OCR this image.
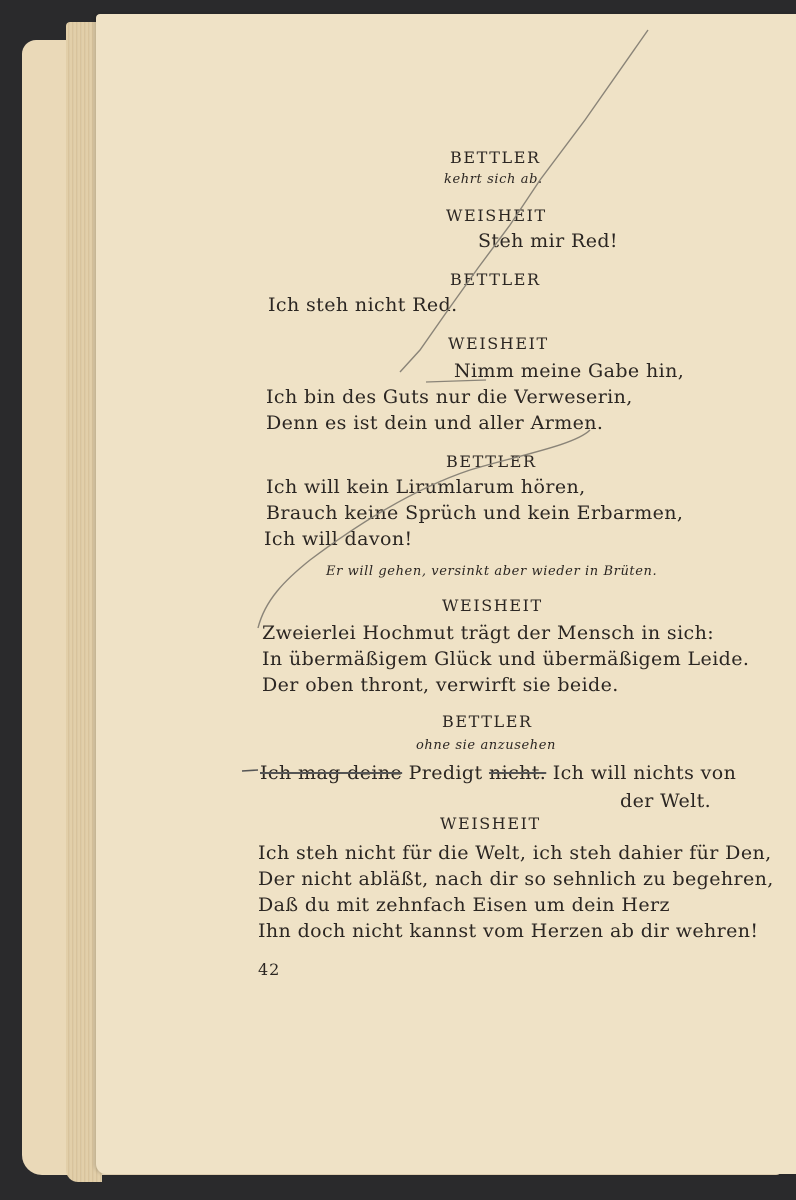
BETTLER
kehrt sich ab.
WEISHEIT
Steh mir Red!
BETTLER
Ich steh nicht Red.
WEISHEIT
Nimm meine Gabe hin,
Ich bin des Guts nur die Verweserin,
Denn es ist dein und aller Armen.
BETTLER
Ich will kein Lirumlarum hören,
Brauch keine Sprüch und kein Erbarmen,
Ich will davon!
Er will gehen, versinkt aber wieder in Brüten.
WEISHEIT
Zweierlei Hochmut trägt der Mensch in sich:
In übermäßigem Glück und übermäßigem Leide.
Der oben thront, verwirft sie beide.
BETTLER
ohne sie anzusehen
Ich mag deine Predigt nicht. Ich will nichts von
der Welt.
WEISHEIT
Ich steh nicht für die Welt, ich steh dahier für Den,
Der nicht abläßt, nach dir so sehnlich zu begehren,
Daß du mit zehnfach Eisen um dein Herz
Ihn doch nicht kannst vom Herzen ab dir wehren!
42
